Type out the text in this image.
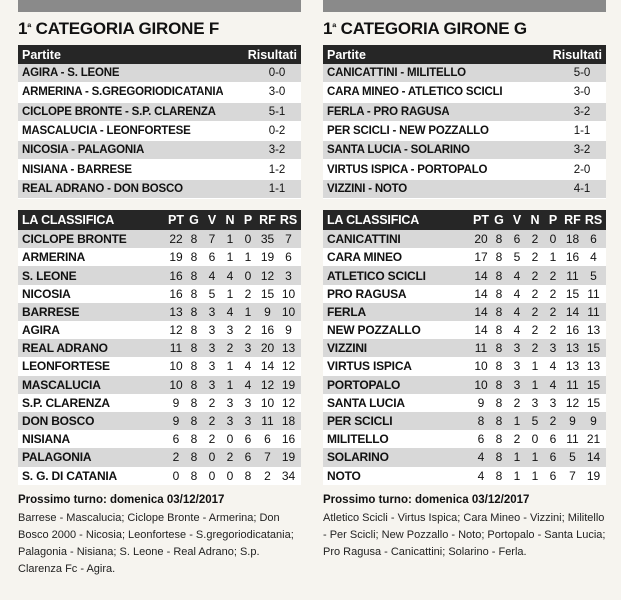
$1^ª$ CATEGORIA GIRONE F
Partite	Risultati
AGIRA - S. LEONE	0-0
ARMERINA - S.GREGORIODICATANIA	3-0
CICLOPE BRONTE - S.P. CLARENZA	5-1
MASCALUCIA - LEONFORTESE	0-2
NICOSIA - PALAGONIA	3-2
NISIANA - BARRESE	1-2
REAL ADRANO - DON BOSCO	1-1
LA CLASSIFICA	PT G V N P RF RS
CICLOPE BRONTE	22 8 7 1 0 35 7
ARMERINA	19 8 6 1 1 19 6
S. LEONE	16 8 4 4 0 12 3
NICOSIA	16 8 5 1 2 15 10
BARRESE	13 8 3 4 1	9 10
AGIRA	12 8 3 3 2 16 9
REAL ADRANO	11 8 3 2 3 20 13
LEONFORTESE	10 8 3 1 4 14 12
MASCALUCIA	10 8 3 1 4 12 19
S.P. CLARENZA	9 8 2 3 3 10 12
DON BOSCO	9 8 2 3 3 11 18
NISIANA	6 8 2 0 6	6 16
PALAGONIA	2 8 0 2 6	7 19
S. G. DI CATANIA	0 8 0 0 8	2 34
Prossimo turno: domenica 03/12/2017
Barrese - Mascalucia; Ciclope Bronte - Armerina; Don Bosco 2000 - Nicosia; Leonfortese - S.gregoriodicatania; Palagonia - Nisiana; S. Leone - Real Adrano; S.p. Clarenza Fc - Agira.
$1^ª$ CATEGORIA GIRONE G
Partite	Risultati
CANICATTINI - MILITELLO	5-0
CARA MINEO - ATLETICO SCICLI	3-0
FERLA - PRO RAGUSA	3-2
PER SCICLI - NEW POZZALLO	1-1
SANTA LUCIA - SOLARINO	3-2
VIRTUS ISPICA - PORTOPALO	2-0
VIZZINI - NOTO	4-1
LA CLASSIFICA	PT G V N P RF RS
CANICATTINI	20 8 6 2 0 18 6
CARA MINEO	17 8 5 2 1 16 4
ATLETICO SCICLI	14 8 4 2 2 11 5
PRO RAGUSA	14 8 4 2 2 15 11
FERLA	14 8 4 2 2 14 11
NEW POZZALLO	14 8 4 2 2 16 13
VIZZINI	11 8 3 2 3 13 15
VIRTUS ISPICA	10 8 3 1 4 13 13
PORTOPALO	10 8 3 1 4 11 15
SANTA LUCIA	9 8 2 3 3 12 15
PER SCICLI	8 8 1 5 2	9	9
MILITELLO	6 8 2 0 6 11 21
SOLARINO	4 8 1 1 6	5 14
NOTO	4 8 1 1 6	7 19
Prossimo turno: domenica 03/12/2017
Atletico Scicli - Virtus Ispica; Cara Mineo - Vizzini; Militello - Per Scicli; New Pozzallo - Noto; Portopalo - Santa Lucia; Pro Ragusa - Canicattini; Solarino - Ferla.
